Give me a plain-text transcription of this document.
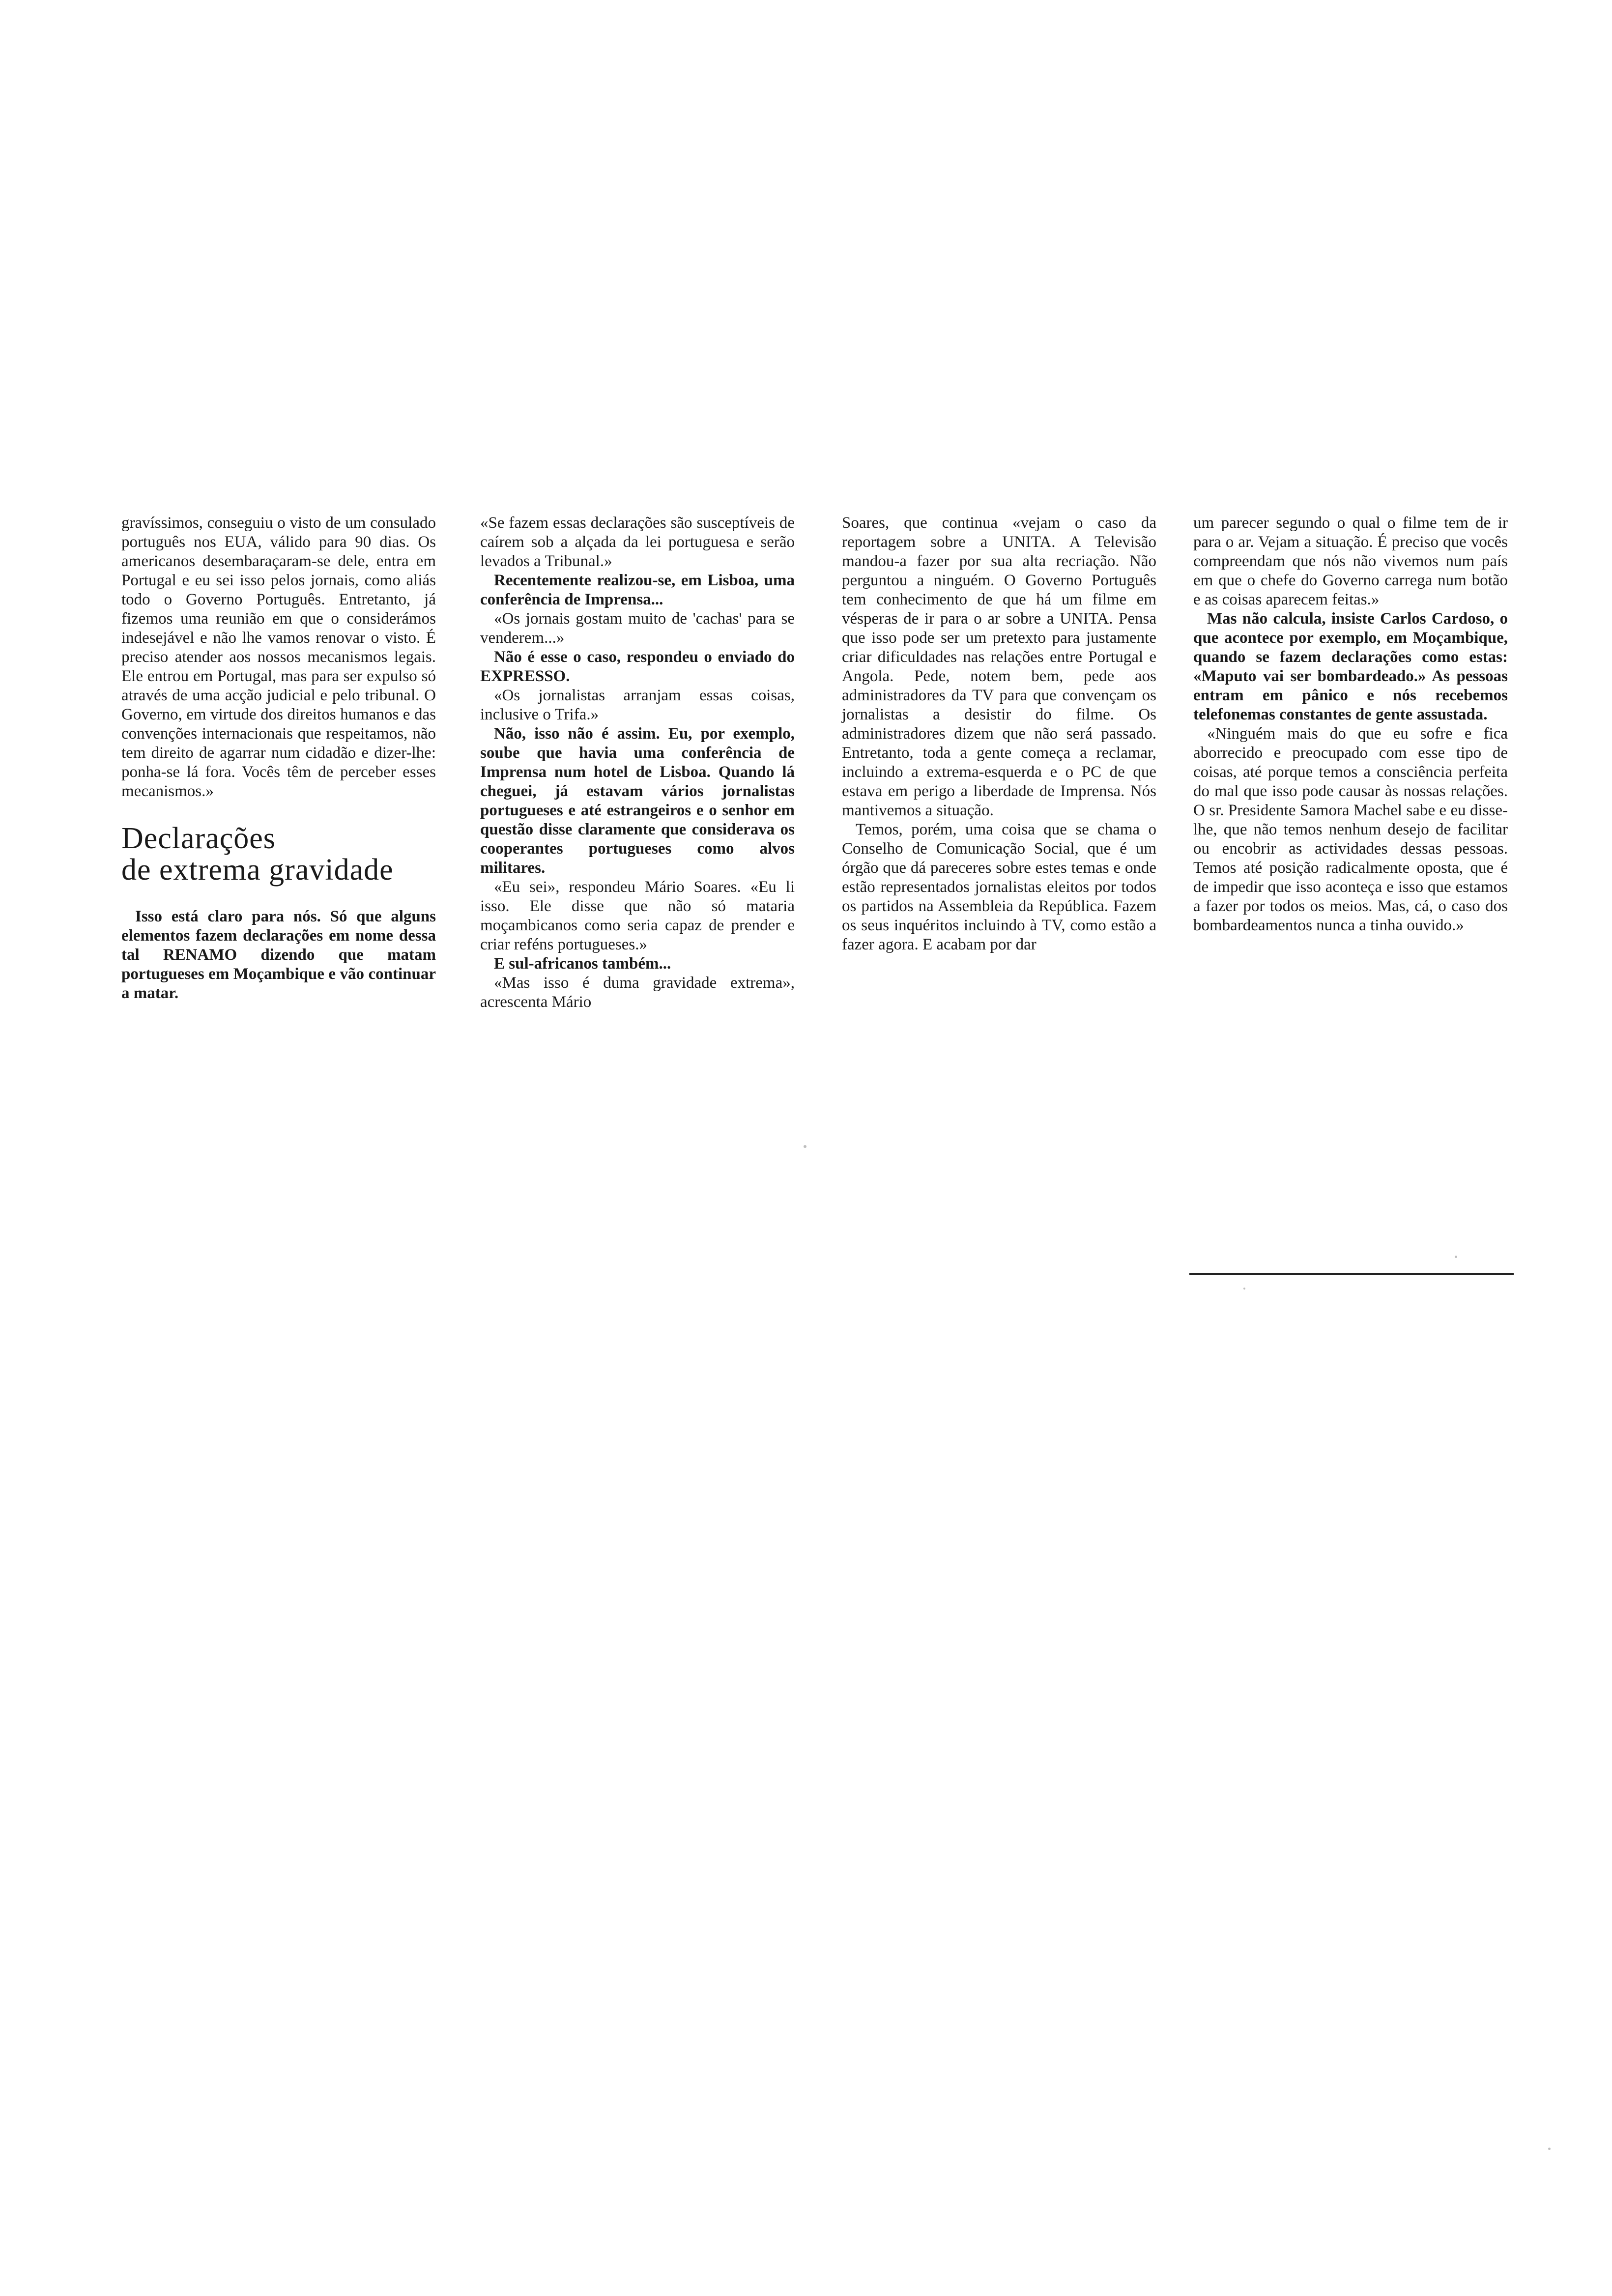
gravíssimos, conseguiu o visto de um consulado português nos EUA, válido para 90 dias. Os americanos desembaraçaram-se dele, entra em Portugal e eu sei isso pelos jornais, como aliás todo o Governo Português. Entretanto, já fizemos uma reunião em que o considerámos indesejável e não lhe vamos renovar o visto. É preciso atender aos nossos mecanismos legais. Ele entrou em Portugal, mas para ser expulso só através de uma acção judicial e pelo tribunal. O Governo, em virtude dos direitos humanos e das convenções internacionais que respeitamos, não tem direito de agarrar num cidadão e dizer-lhe: ponha-se lá fora. Vocês têm de perceber esses mecanismos.»

Declarações
de extrema gravidade

Isso está claro para nós. Só que alguns elementos fazem declarações em nome dessa tal RENAMO dizendo que matam portugueses em Moçambique e vão continuar a matar.

«Se fazem essas declarações são susceptíveis de caírem sob a alçada da lei portuguesa e serão levados a Tribunal.»

Recentemente realizou-se, em Lisboa, uma conferência de Imprensa...

«Os jornais gostam muito de 'cachas' para se venderem...»

Não é esse o caso, respondeu o enviado do EXPRESSO.

«Os jornalistas arranjam essas coisas, inclusive o Trifa.»

Não, isso não é assim. Eu, por exemplo, soube que havia uma conferência de Imprensa num hotel de Lisboa. Quando lá cheguei, já estavam vários jornalistas portugueses e até estrangeiros e o senhor em questão disse claramente que considerava os cooperantes portugueses como alvos militares.

«Eu sei», respondeu Mário Soares. «Eu li isso. Ele disse que não só mataria moçambicanos como seria capaz de prender e criar reféns portugueses.»

E sul-africanos também...

«Mas isso é duma gravidade extrema», acrescenta Mário

Soares, que continua «vejam o caso da reportagem sobre a UNITA. A Televisão mandou-a fazer por sua alta recriação. Não perguntou a ninguém. O Governo Português tem conhecimento de que há um filme em vésperas de ir para o ar sobre a UNITA. Pensa que isso pode ser um pretexto para justamente criar dificuldades nas relações entre Portugal e Angola. Pede, notem bem, pede aos administradores da TV para que convençam os jornalistas a desistir do filme. Os administradores dizem que não será passado. Entretanto, toda a gente começa a reclamar, incluindo a extrema-esquerda e o PC de que estava em perigo a liberdade de Imprensa. Nós mantivemos a situação.

Temos, porém, uma coisa que se chama o Conselho de Comunicação Social, que é um órgão que dá pareceres sobre estes temas e onde estão representados jornalistas eleitos por todos os partidos na Assembleia da República. Fazem os seus inquéritos incluindo à TV, como estão a fazer agora. E acabam por dar

um parecer segundo o qual o filme tem de ir para o ar. Vejam a situação. É preciso que vocês compreendam que nós não vivemos num país em que o chefe do Governo carrega num botão e as coisas aparecem feitas.»

Mas não calcula, insiste Carlos Cardoso, o que acontece por exemplo, em Moçambique, quando se fazem declarações como estas: «Maputo vai ser bombardeado.» As pessoas entram em pânico e nós recebemos telefonemas constantes de gente assustada.

«Ninguém mais do que eu sofre e fica aborrecido e preocupado com esse tipo de coisas, até porque temos a consciência perfeita do mal que isso pode causar às nossas relações. O sr. Presidente Samora Machel sabe e eu disse-lhe, que não temos nenhum desejo de facilitar ou encobrir as actividades dessas pessoas. Temos até posição radicalmente oposta, que é de impedir que isso aconteça e isso que estamos a fazer por todos os meios. Mas, cá, o caso dos bombardeamentos nunca a tinha ouvido.»
